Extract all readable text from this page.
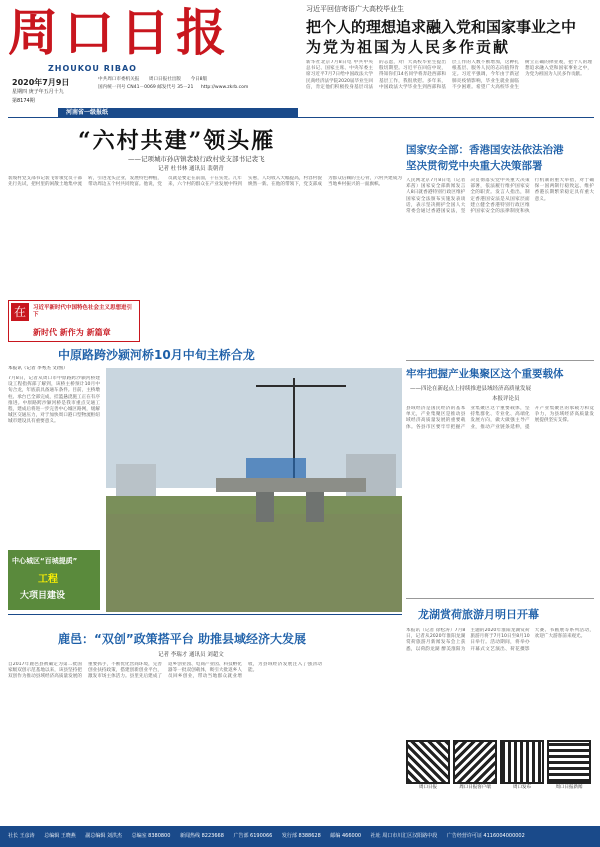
周口日报
ZHOUKOU RIBAO
2020年7月9日
星期四 庚子年五月十九
中共周口市委机关报 周口日报社出版 今日8版
国内统一刊号 CN41－0069 邮发代号 35－21 http://www.zkrb.com
第8174期
河南省一级报纸
习近平回信寄语广大高校毕业生
把个人的理想追求融入党和国家事业之中
为党为祖国为人民多作贡献
新华社北京7月8日电 中共中央总书记、国家主席、中央军委主席习近平7月7日给中国政法大学民商经济法学院2020届毕业生回信，肯定他们积极投身基层司法的志愿，对广大高校毕业生提出殷切期望。习近平在回信中说，得知你们14名同学将奔赴西部和基层工作，我很欣慰。多年来，中国政法大学毕业生到西部和基层工作的人数不断增加，这种扎根基层、服务人民的志向值得肯定。习近平强调，今年由于新冠肺炎疫情影响，毕业生就业面临不少困难。希望广大高校毕业生树立正确的择业观，把个人的理想追求融入党和国家事业之中，为党为祖国为人民多作贡献。
“六村共建”领头雁
——记项城市孙店镇裴坡行政村党支部书记裴飞
记者 杜书林 通讯员 裴朝青
裴坡村党支部书记裴飞带领党员干部先行先试，把村里的闲散土地集中流转，引进龙头企业，发展特色种植，带动周边五个村共同致富。他说，党员就是要走在前面，干在实处。几年来，六个村的群众在产业发展中得到实惠，人均收入大幅提高，村容村貌焕然一新。在他的带领下，党支部成为群众信赖的主心骨，六村共建成为当地乡村振兴的一面旗帜。
在	习近平新时代中国特色社会主义思想进引下
新时代 新作为 新篇章
国家安全部：香港国安法依法治港
坚决贯彻党中央重大决策部署
人民网北京7月8日电（记者 邓茜）国家安全部新闻发言人8日就香港特别行政区维护国家安全法颁布实施发表谈话，表示坚决拥护全国人大常委会通过香港国安法，坚决贯彻落实党中央重大决策部署，依法履行维护国家安全的职责。发言人指出，制定香港国安法是从国家层面建立健全香港特别行政区维护国家安全的法律制度和执行机制的重大举措，对于确保一国两制行稳致远、维护香港长期繁荣稳定具有重大意义。
牢牢把握产业集聚区这个重要载体
——四论在新起点上持续推进县域经济高质量发展
本报评论员
县域经济是国民经济的基本单元，产业集聚区是推动县域经济高质量发展的重要载体。各县市区要牢牢把握产业集聚区这个重要载体，坚持集群化、专业化、高端化发展方向，做大做强主导产业，推动产业链条延伸，提升产业集聚区的承载力和竞争力，为县域经济高质量发展提供坚实支撑。
龙湖赏荷旅游月明日开幕
本报讯（记者 徐松涛）7月8日，记者从2020年淮阳龙湖赏荷旅游月新闻发布会上获悉，以荷韵龙湖 醉美淮阳为主题的2020年淮阳龙湖赏荷旅游月将于7月10日至8月10日举行。活动期间，将举办开幕式文艺演出、荷花摄影大赛、书画展等系列活动，欢迎广大游客前来观光。
中原路跨沙颍河桥10月中旬主桥合龙
本报讯（记者 李秀杰 文/图）
7月8日，记者从周口市中原路跨沙颍河桥建设工程指挥部了解到，该桥主桥预计10月中旬合龙，年底前具备通车条件。目前，主桥墩柱、承台已全部完成，挂篮悬浇施工正在有序推进。中原路跨沙颍河桥是我市重点交通工程，建成后将进一步完善中心城区路网，缓解城区交通压力，对于加快周口港口型物流枢纽城市建设具有重要意义。
中心城区“百城提质”
工程
大项目建设
鹿邑：“双创”政策搭平台 助推县域经济大发展
记者 李瑞才 通讯员 刘超文
自2017年鹿邑县被确定为第二批国家级双创示范基地以来，该县坚持把双创作为推动县域经济高质量发展的重要抓手，不断优化营商环境，完善创业扶持政策，搭建创新创业平台，激发市场主体活力。县里先后建成了返乡创业园、电商产业园、科技孵化器等一批双创载体，吸引大批返乡人员回乡创业，带动当地群众就业增收，为县域经济发展注入了强劲动能。
周口日报	周口日报客户端	周口发布	周口日报新闻
社长 王彦涛 总编辑 王晓燕 副总编辑 刘洪杰 总编室 8380800 新闻热线 8223668 广告部 6190066 发行部 8388628 邮编 466000 社址 周口市川汇区汉阳路中段 广告经营许可证 4116004000002
